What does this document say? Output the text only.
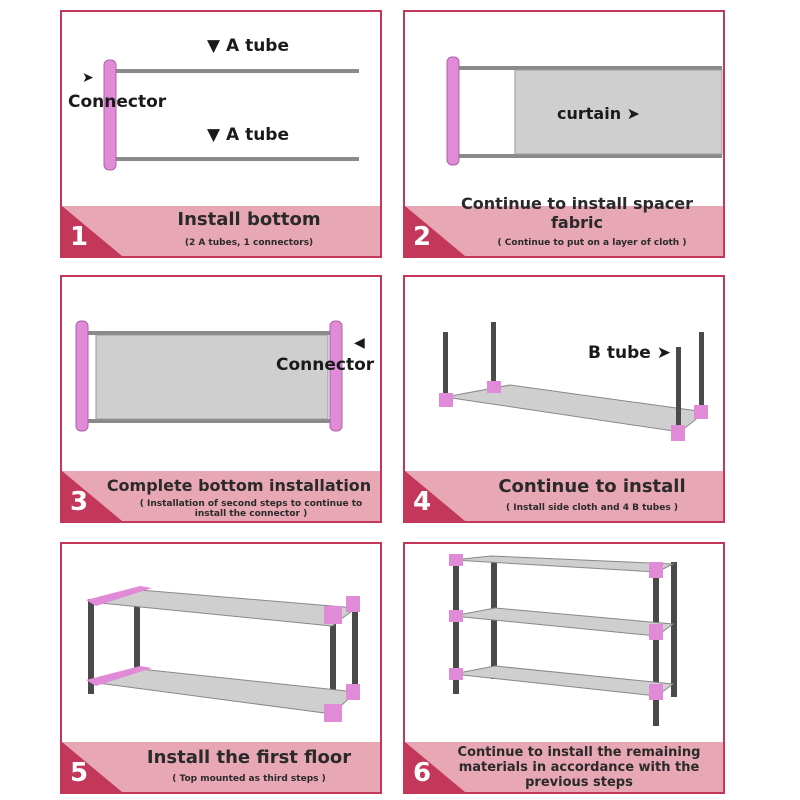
▼ A tube
▼ A tube
➤
Connector
1
Install bottom
(2 A tubes, 1 connectors)
curtain ➤
2
Continue to install spacer fabric
( Continue to put on a layer of cloth )
◀
Connector
3
Complete bottom installation
( Installation of second steps to continue to install the connector )
B tube ➤
4
Continue to install
( Install side cloth and 4 B tubes )
5
Install the first floor
( Top mounted as third steps )	6
Continue to install the remaining materials in accordance with the previous steps
